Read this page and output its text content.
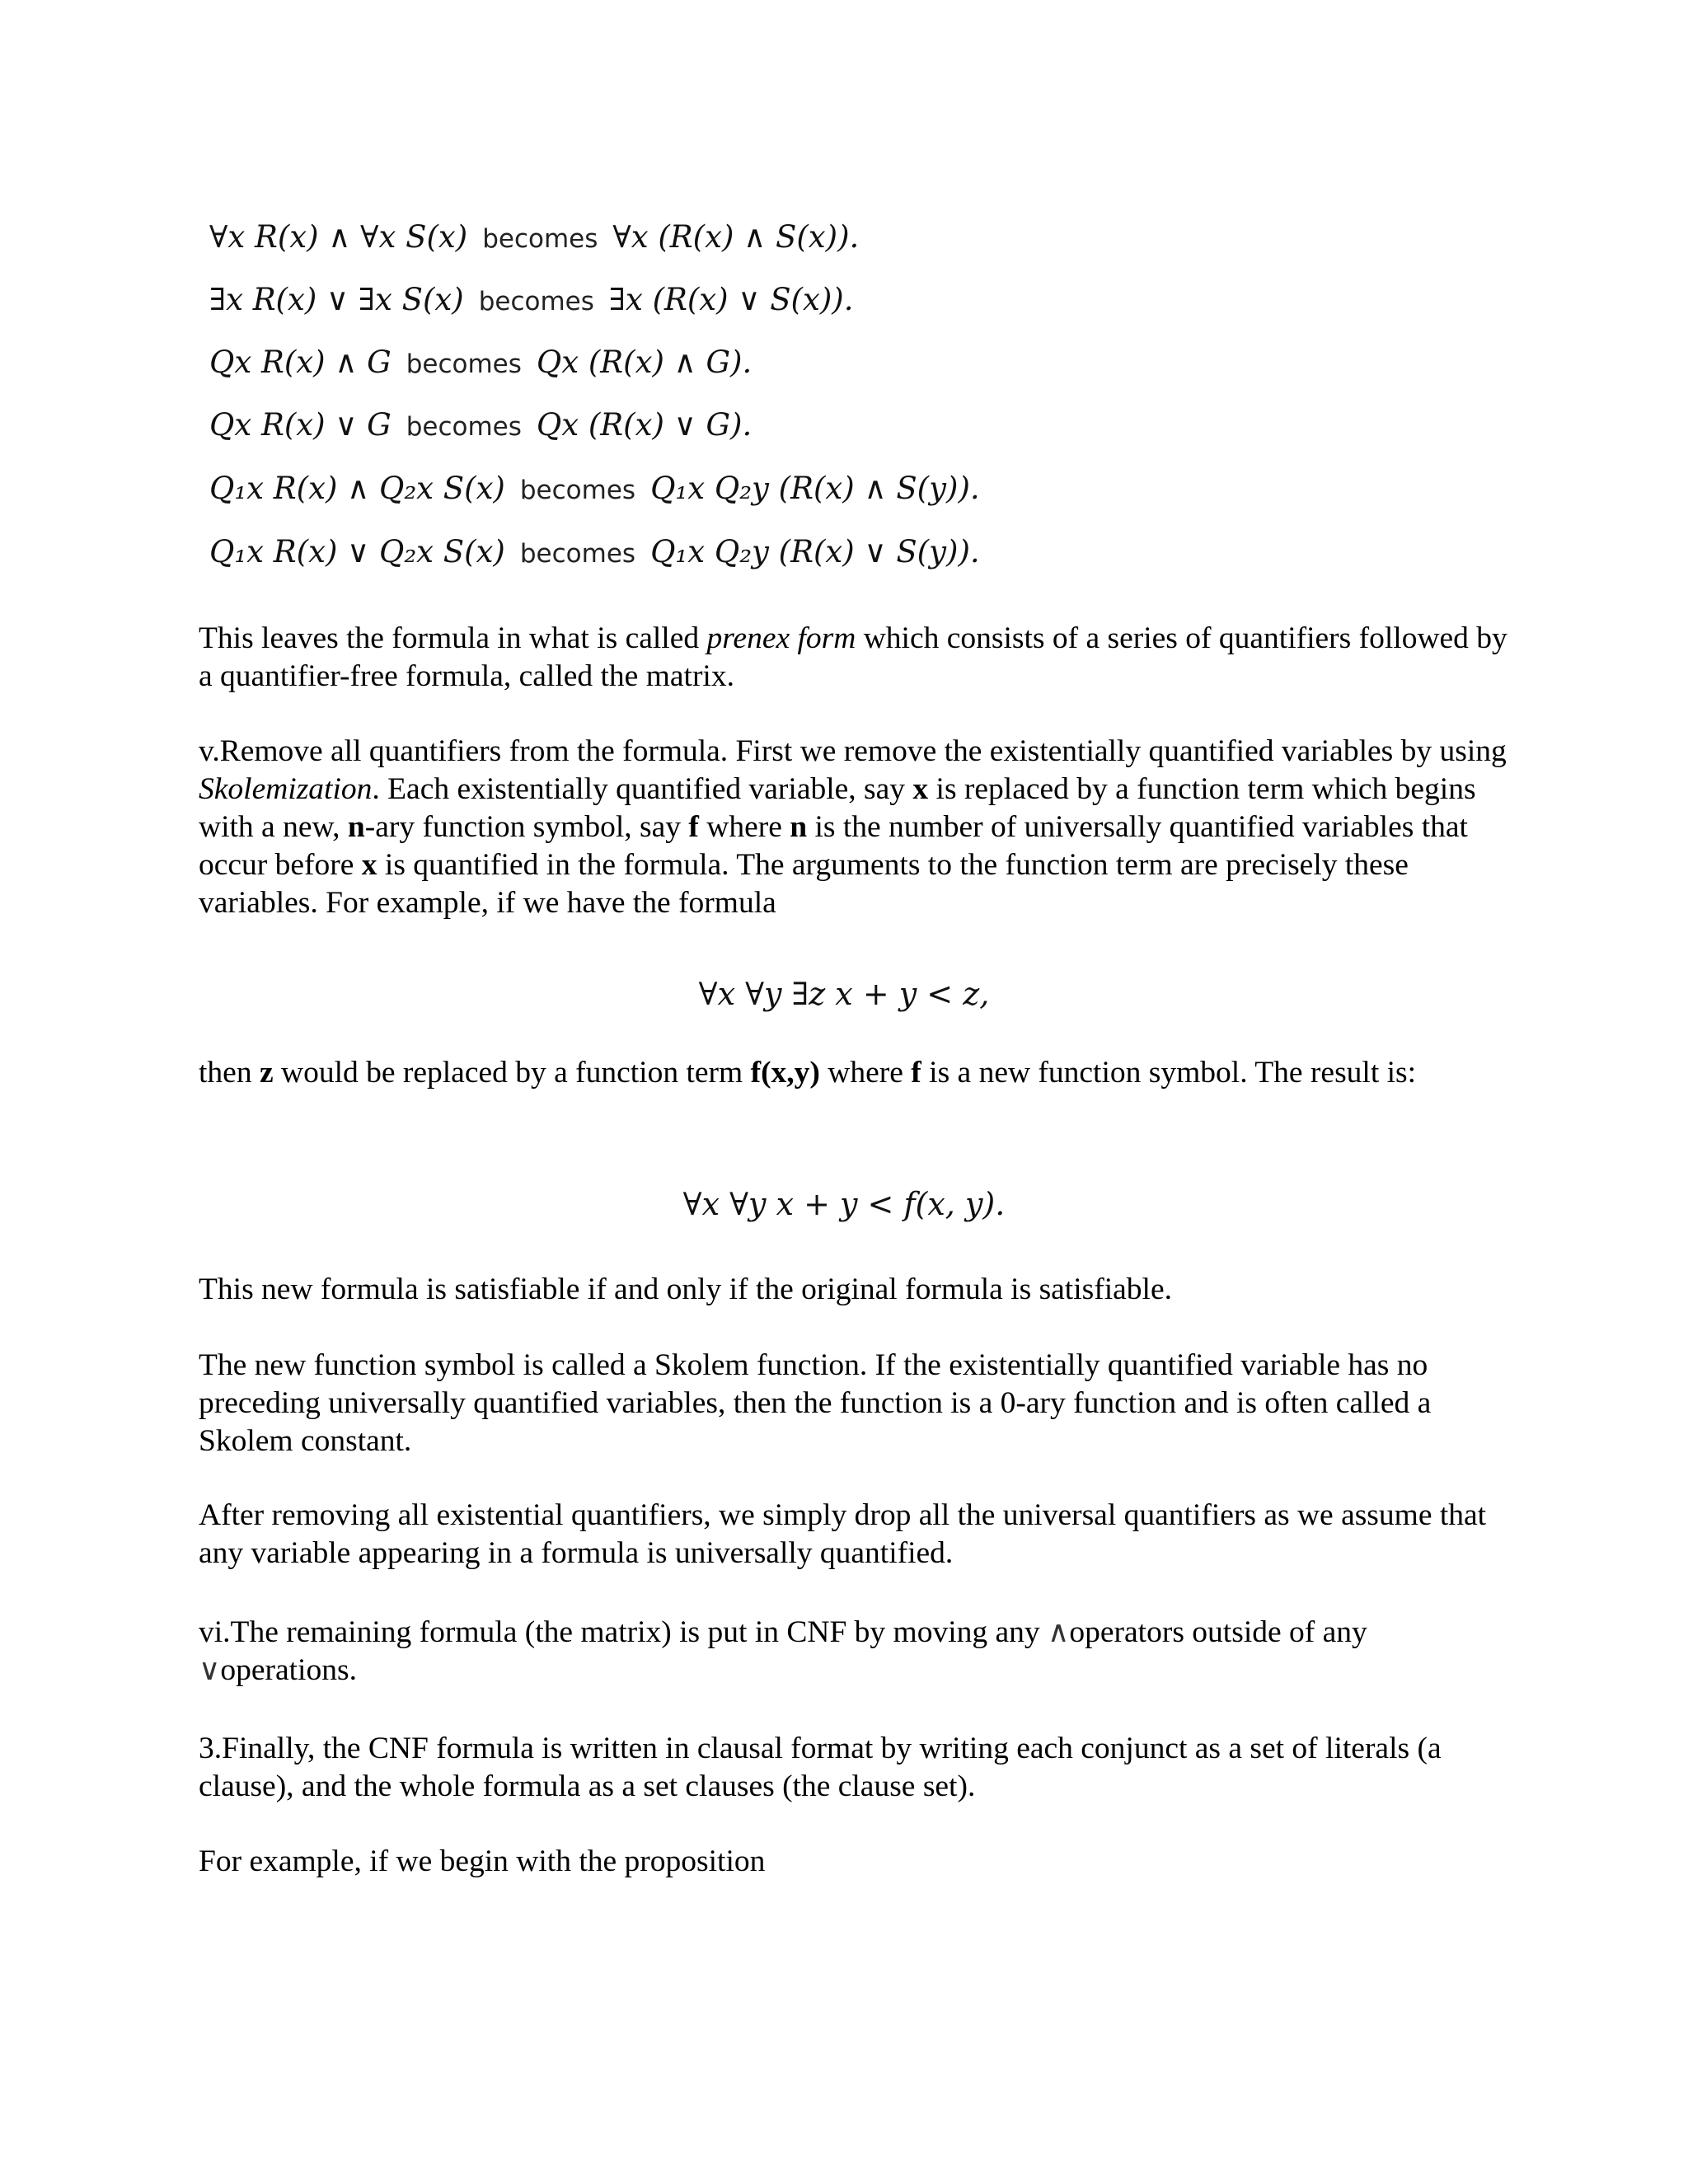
∀x R(x) ∧ ∀x S(x) becomes ∀x (R(x) ∧ S(x)).
∃x R(x) ∨ ∃x S(x) becomes ∃x (R(x) ∨ S(x)).
Qx R(x) ∧ G becomes Qx (R(x) ∧ G).
Qx R(x) ∨ G becomes Qx (R(x) ∨ G).
Q₁x R(x) ∧ Q₂x S(x) becomes Q₁x Q₂y (R(x) ∧ S(y)).
Q₁x R(x) ∨ Q₂x S(x) becomes Q₁x Q₂y (R(x) ∨ S(y)).

This leaves the formula in what is called prenex form which consists of a series of quantifiers followed by a quantifier-free formula, called the matrix.

v.Remove all quantifiers from the formula. First we remove the existentially quantified variables by using Skolemization. Each existentially quantified variable, say x is replaced by a function term which begins with a new, n-ary function symbol, say f where n is the number of universally quantified variables that occur before x is quantified in the formula. The arguments to the function term are precisely these variables. For example, if we have the formula

∀x ∀y ∃z x + y < z,

then z would be replaced by a function term f(x,y) where f is a new function symbol. The result is:

∀x ∀y x + y < f(x, y).

This new formula is satisfiable if and only if the original formula is satisfiable.

The new function symbol is called a Skolem function. If the existentially quantified variable has no preceding universally quantified variables, then the function is a 0-ary function and is often called a Skolem constant.

After removing all existential quantifiers, we simply drop all the universal quantifiers as we assume that any variable appearing in a formula is universally quantified.

vi.The remaining formula (the matrix) is put in CNF by moving any ∧operators outside of any
∨operations.

3.Finally, the CNF formula is written in clausal format by writing each conjunct as a set of literals (a clause), and the whole formula as a set clauses (the clause set).

For example, if we begin with the proposition
